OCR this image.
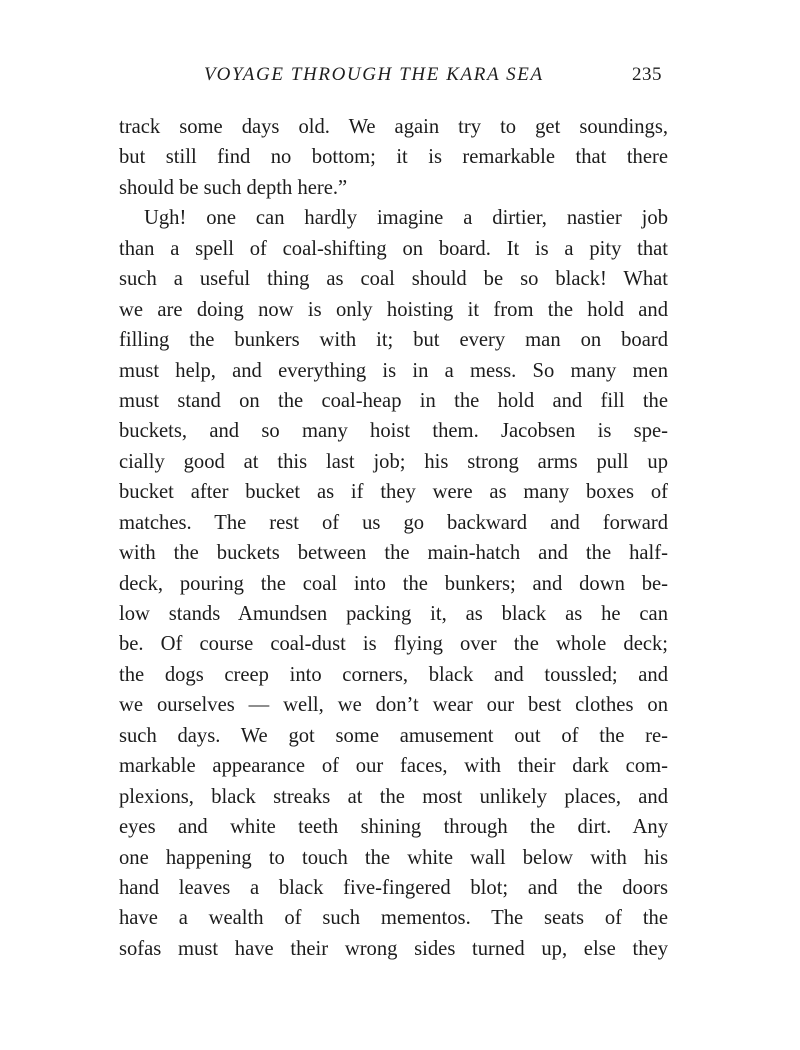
VOYAGE THROUGH THE KARA SEA	235
track some days old. We again try to get soundings,
but still find no bottom; it is remarkable that there
should be such depth here.”
Ugh! one can hardly imagine a dirtier, nastier job
than a spell of coal-shifting on board. It is a pity that
such a useful thing as coal should be so black! What
we are doing now is only hoisting it from the hold and
filling the bunkers with it; but every man on board
must help, and everything is in a mess. So many men
must stand on the coal-heap in the hold and fill the
buckets, and so many hoist them. Jacobsen is spe-
cially good at this last job; his strong arms pull up
bucket after bucket as if they were as many boxes of
matches. The rest of us go backward and forward
with the buckets between the main-hatch and the half-
deck, pouring the coal into the bunkers; and down be-
low stands Amundsen packing it, as black as he can
be. Of course coal-dust is flying over the whole deck;
the dogs creep into corners, black and toussled; and
we ourselves — well, we don’t wear our best clothes on
such days. We got some amusement out of the re-
markable appearance of our faces, with their dark com-
plexions, black streaks at the most unlikely places, and
eyes and white teeth shining through the dirt. Any
one happening to touch the white wall below with his
hand leaves a black five-fingered blot; and the doors
have a wealth of such mementos. The seats of the
sofas must have their wrong sides turned up, else they
